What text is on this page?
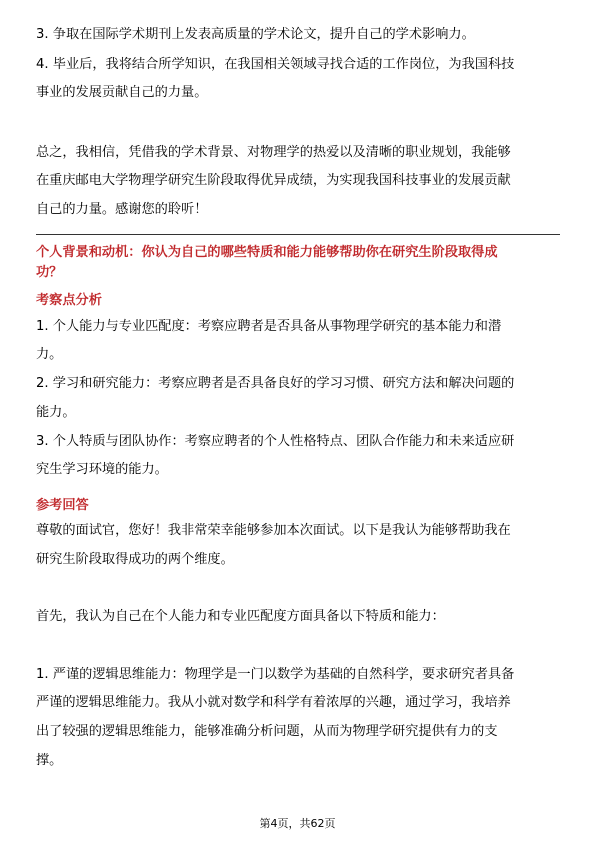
3. 争取在国际学术期刊上发表高质量的学术论文，提升自己的学术影响力。
4. 毕业后，我将结合所学知识，在我国相关领域寻找合适的工作岗位，为我国科技
事业的发展贡献自己的力量。
总之，我相信，凭借我的学术背景、对物理学的热爱以及清晰的职业规划，我能够
在重庆邮电大学物理学研究生阶段取得优异成绩，为实现我国科技事业的发展贡献
自己的力量。感谢您的聆听！
个人背景和动机：你认为自己的哪些特质和能力能够帮助你在研究生阶段取得成
功？
考察点分析
1. 个人能力与专业匹配度：考察应聘者是否具备从事物理学研究的基本能力和潜
力。
2. 学习和研究能力：考察应聘者是否具备良好的学习习惯、研究方法和解决问题的
能力。
3. 个人特质与团队协作：考察应聘者的个人性格特点、团队合作能力和未来适应研
究生学习环境的能力。
参考回答
尊敬的面试官，您好！我非常荣幸能够参加本次面试。以下是我认为能够帮助我在
研究生阶段取得成功的两个维度。
首先，我认为自己在个人能力和专业匹配度方面具备以下特质和能力：
1. 严谨的逻辑思维能力：物理学是一门以数学为基础的自然科学，要求研究者具备
严谨的逻辑思维能力。我从小就对数学和科学有着浓厚的兴趣，通过学习，我培养
出了较强的逻辑思维能力，能够准确分析问题，从而为物理学研究提供有力的支
撑。
第4页，共62页
